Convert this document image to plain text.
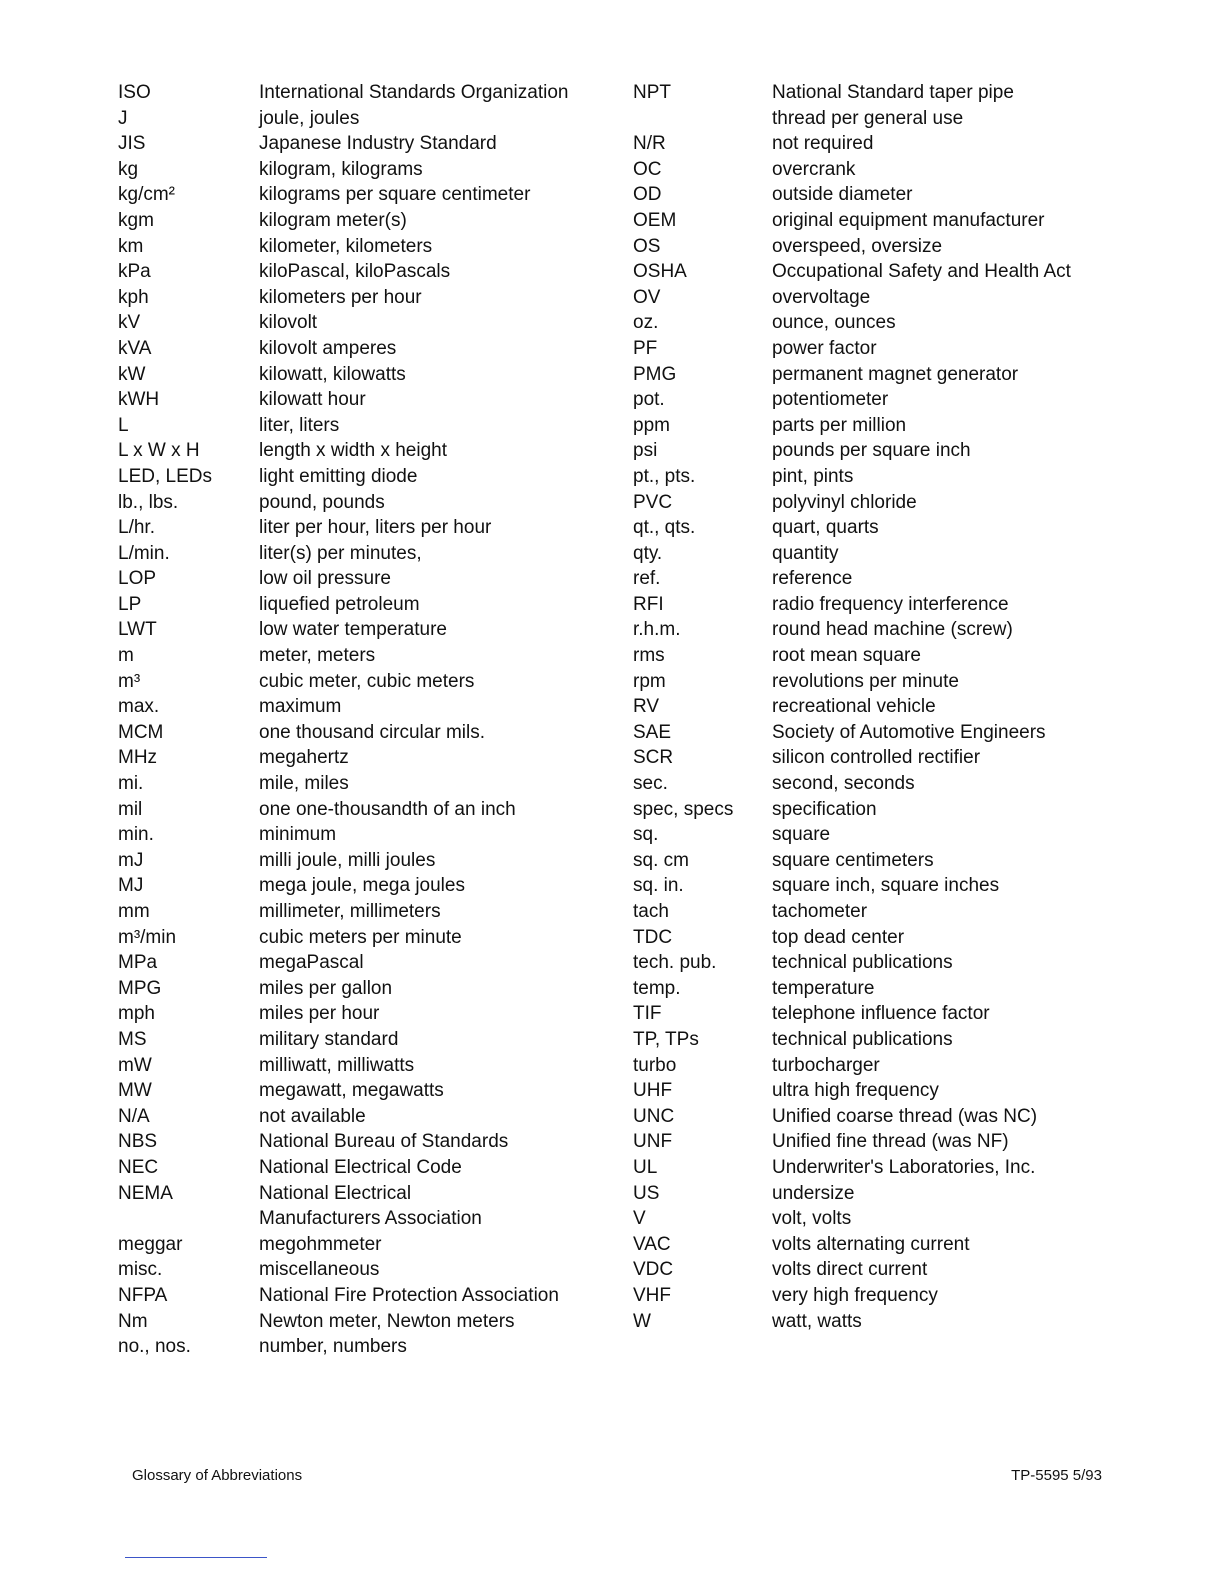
ISO	International Standards Organization
J	joule, joules
JIS	Japanese Industry Standard
kg	kilogram, kilograms
kg/cm²	kilograms per square centimeter
kgm	kilogram meter(s)
km	kilometer, kilometers
kPa	kiloPascal, kiloPascals
kph	kilometers per hour
kV	kilovolt
kVA	kilovolt amperes
kW	kilowatt, kilowatts
kWH	kilowatt hour
L	liter, liters
L x W x H	length x width x height
LED, LEDs	light emitting diode
lb., lbs.	pound, pounds
L/hr.	liter per hour, liters per hour
L/min.	liter(s) per minutes,
LOP	low oil pressure
LP	liquefied petroleum
LWT	low water temperature
m	meter, meters
m³	cubic meter, cubic meters
max.	maximum
MCM	one thousand circular mils.
MHz	megahertz
mi.	mile, miles
mil	one one-thousandth of an inch
min.	minimum
mJ	milli joule, milli joules
MJ	mega joule, mega joules
mm	millimeter, millimeters
m³/min	cubic meters per minute
MPa	megaPascal
MPG	miles per gallon
mph	miles per hour
MS	military standard
mW	milliwatt, milliwatts
MW	megawatt, megawatts
N/A	not available
NBS	National Bureau of Standards
NEC	National Electrical Code
NEMA	National Electrical
Manufacturers Association
meggar	megohmmeter
misc.	miscellaneous
NFPA	National Fire Protection Association
Nm	Newton meter, Newton meters
no., nos.	number, numbers
NPT	National Standard taper pipe
thread per general use
N/R	not required
OC	overcrank
OD	outside diameter
OEM	original equipment manufacturer
OS	overspeed, oversize
OSHA	Occupational Safety and Health Act
OV	overvoltage
oz.	ounce, ounces
PF	power factor
PMG	permanent magnet generator
pot.	potentiometer
ppm	parts per million
psi	pounds per square inch
pt., pts.	pint, pints
PVC	polyvinyl chloride
qt., qts.	quart, quarts
qty.	quantity
ref.	reference
RFI	radio frequency interference
r.h.m.	round head machine (screw)
rms	root mean square
rpm	revolutions per minute
RV	recreational vehicle
SAE	Society of Automotive Engineers
SCR	silicon controlled rectifier
sec.	second, seconds
spec, specs	specification
sq.	square
sq. cm	square centimeters
sq. in.	square inch, square inches
tach	tachometer
TDC	top dead center
tech. pub.	technical publications
temp.	temperature
TIF	telephone influence factor
TP, TPs	technical publications
turbo	turbocharger
UHF	ultra high frequency
UNC	Unified coarse thread (was NC)
UNF	Unified fine thread (was NF)
UL	Underwriter's Laboratories, Inc.
US	undersize
V	volt, volts
VAC	volts alternating current
VDC	volts direct current
VHF	very high frequency
W	watt, watts
Glossary of Abbreviations	TP-5595 5/93
